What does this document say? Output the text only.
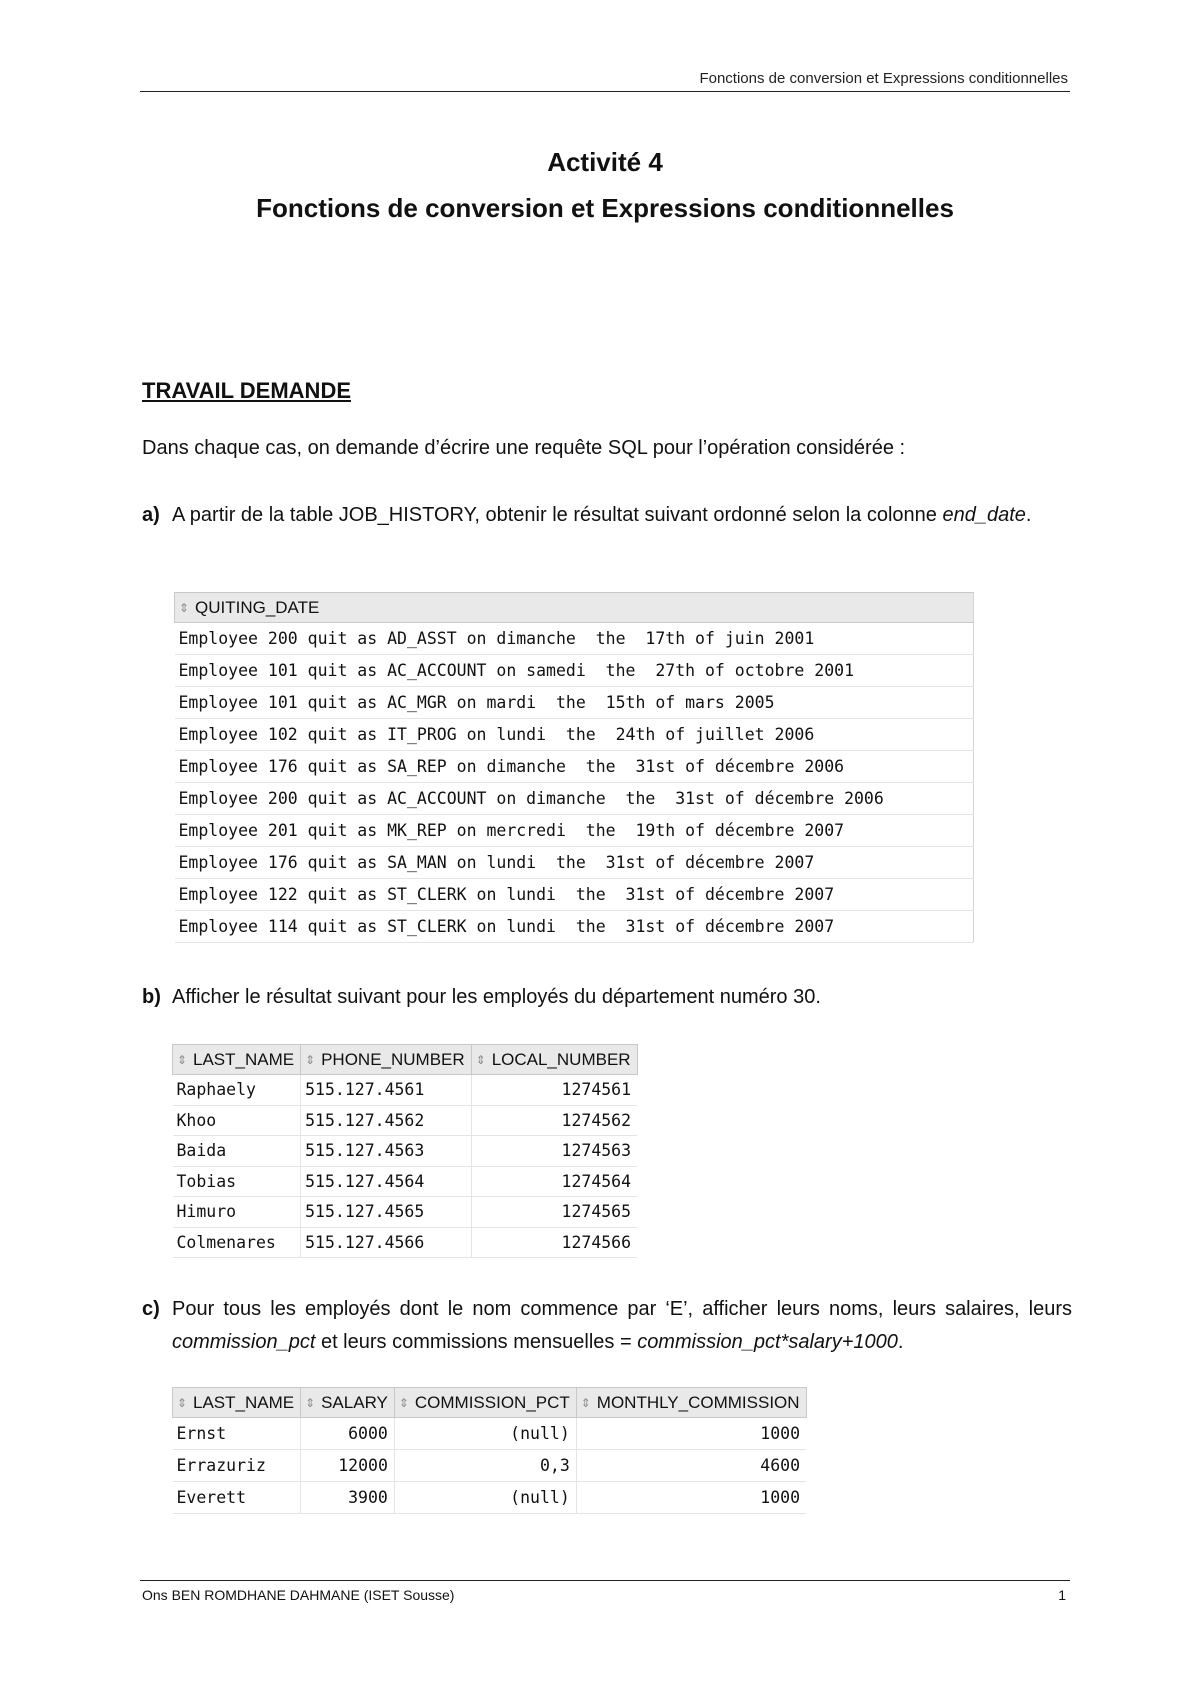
Fonctions de conversion et Expressions conditionnelles

Activité 4

Fonctions de conversion et Expressions conditionnelles

TRAVAIL DEMANDE
Dans chaque cas, on demande d’écrire une requête SQL pour l’opération considérée :
a) A partir de la table JOB_HISTORY, obtenir le résultat suivant ordonné selon la colonne end_date.
⇕ QUITING_DATE
Employee 200 quit as AD_ASST on dimanche  the  17th of juin 2001
Employee 101 quit as AC_ACCOUNT on samedi  the  27th of octobre 2001
Employee 101 quit as AC_MGR on mardi  the  15th of mars 2005
Employee 102 quit as IT_PROG on lundi  the  24th of juillet 2006
Employee 176 quit as SA_REP on dimanche  the  31st of décembre 2006
Employee 200 quit as AC_ACCOUNT on dimanche  the  31st of décembre 2006
Employee 201 quit as MK_REP on mercredi  the  19th of décembre 2007
Employee 176 quit as SA_MAN on lundi  the  31st of décembre 2007
Employee 122 quit as ST_CLERK on lundi  the  31st of décembre 2007
Employee 114 quit as ST_CLERK on lundi  the  31st of décembre 2007
b) Afficher le résultat suivant pour les employés du département numéro 30.
⇕ LAST_NAME	⇕ PHONE_NUMBER	⇕ LOCAL_NUMBER
Raphaely	515.127.4561	1274561
Khoo	515.127.4562	1274562
Baida	515.127.4563	1274563
Tobias	515.127.4564	1274564
Himuro	515.127.4565	1274565
Colmenares	515.127.4566	1274566
c) Pour tous les employés dont le nom commence par ‘E’, afficher leurs noms, leurs salaires, leurs commission_pct et leurs commissions mensuelles = commission_pct*salary+1000.
⇕ LAST_NAME	⇕ SALARY	⇕ COMMISSION_PCT	⇕ MONTHLY_COMMISSION
Ernst	6000	(null)	1000
Errazuriz	12000	0,3	4600
Everett	3900	(null)	1000
Ons BEN ROMDHANE DAHMANE (ISET Sousse)	1
